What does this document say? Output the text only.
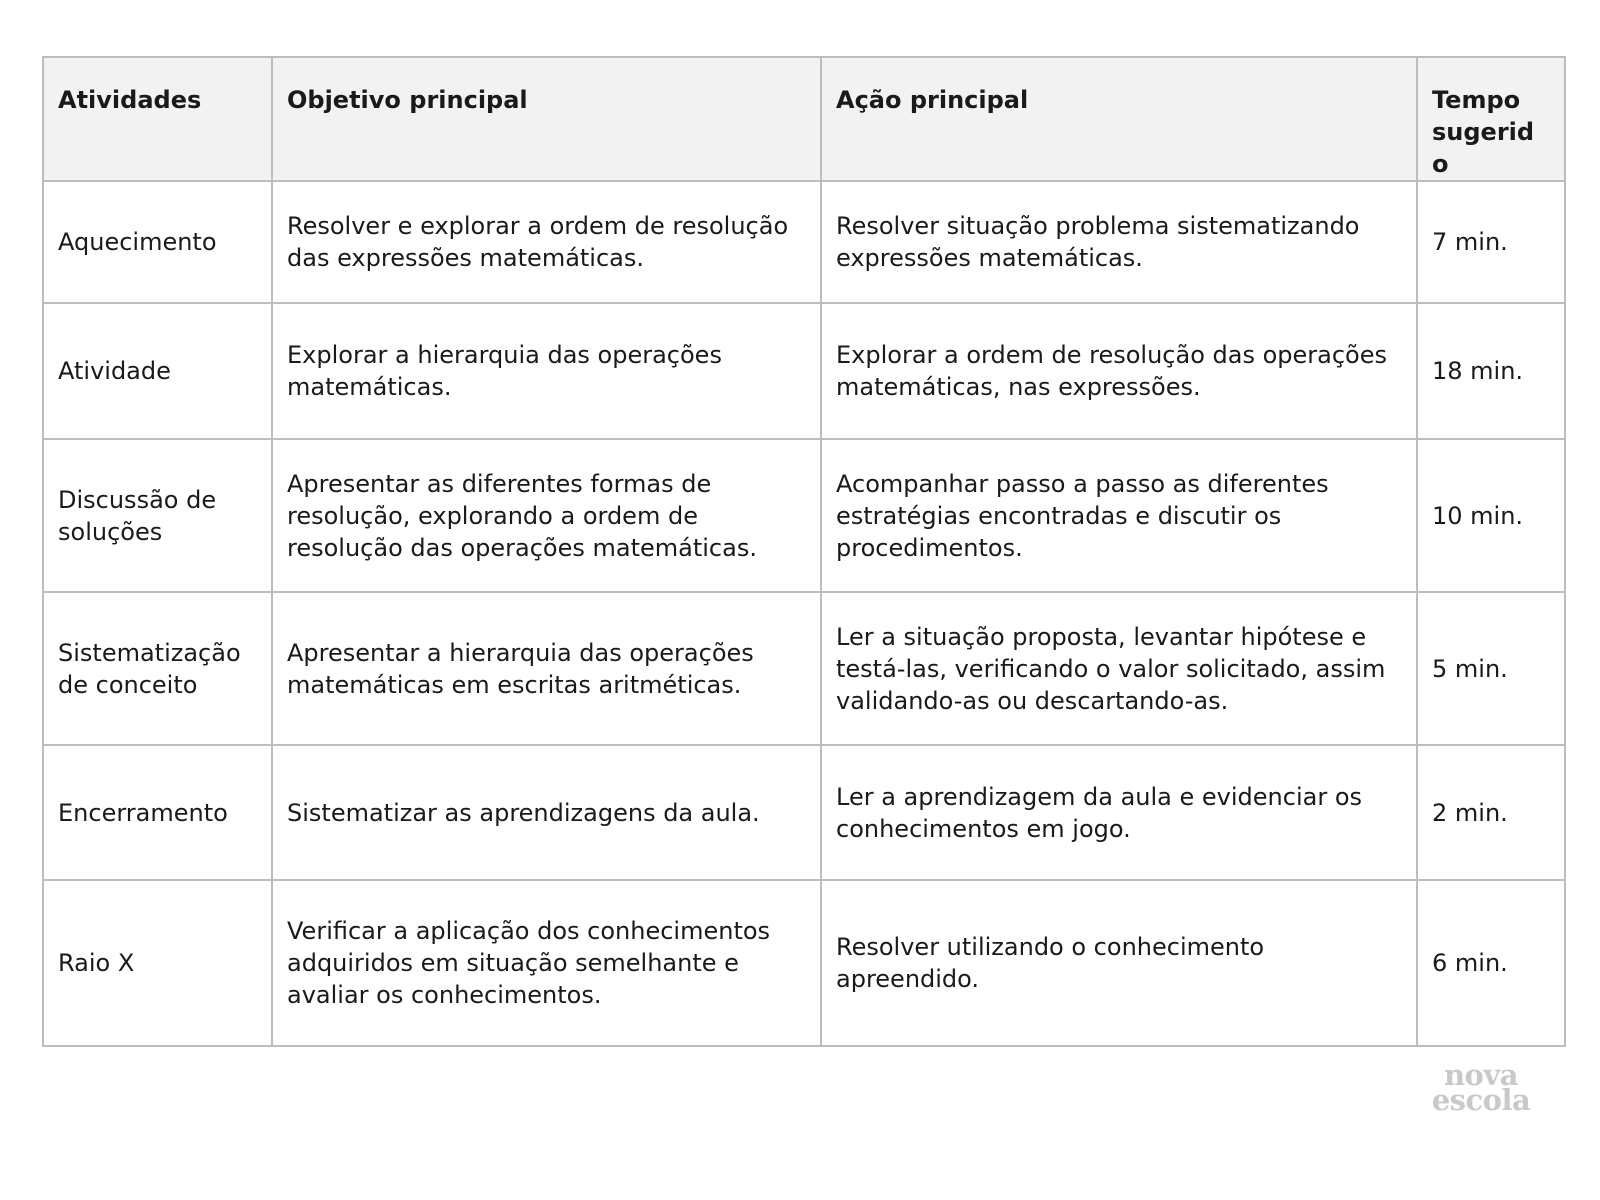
Atividades	Objetivo principal	Ação principal	Tempo sugerido
Aquecimento	Resolver e explorar a ordem de resolução das expressões matemáticas.	Resolver situação problema sistematizando expressões matemáticas.	7 min.
Atividade	Explorar a hierarquia das operações matemáticas.	Explorar a ordem de resolução das operações matemáticas, nas expressões.	18 min.
Discussão de soluções	Apresentar as diferentes formas de resolução, explorando a ordem de resolução das operações matemáticas.	Acompanhar passo a passo as diferentes estratégias encontradas e discutir os procedimentos.	10 min.
Sistematização de conceito	Apresentar a hierarquia das operações matemáticas em escritas aritméticas.	Ler a situação proposta, levantar hipótese e testá-las, verificando o valor solicitado, assim validando-as ou descartando-as.	5 min.
Encerramento	Sistematizar as aprendizagens da aula.	Ler a aprendizagem da aula e evidenciar os conhecimentos em jogo.	2 min.
Raio X	Verificar a aplicação dos conhecimentos adquiridos em situação semelhante e avaliar os conhecimentos.	Resolver utilizando o conhecimento apreendido.	6 min.
nova
escola
